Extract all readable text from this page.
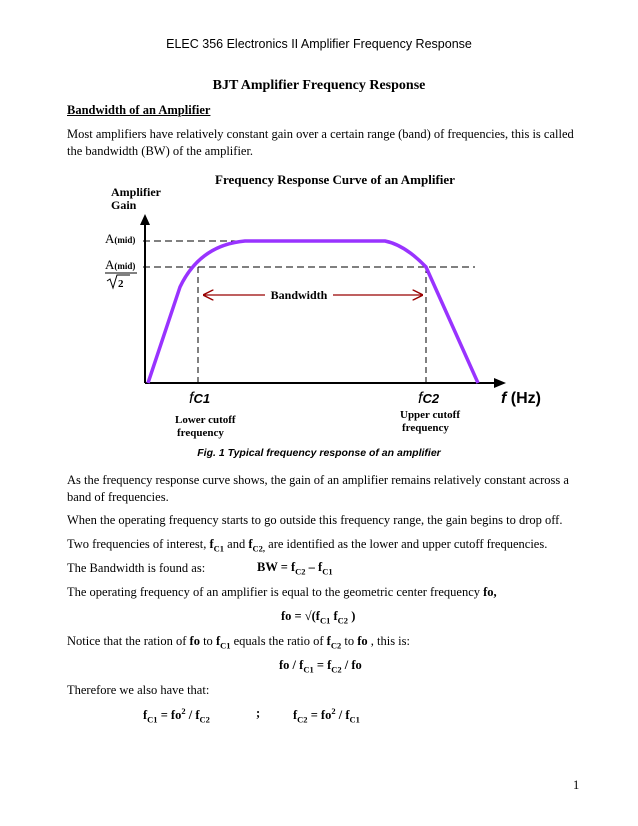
ELEC 356 Electronics II Amplifier Frequency Response
BJT Amplifier Frequency Response
Bandwidth of an Amplifier
Most amplifiers have relatively constant gain over a certain range (band) of frequencies, this is called the bandwidth (BW) of the amplifier.
Frequency Response Curve of an Amplifier
Amplifier
Gain
A(mid)
A(mid)
2
Bandwidth
fC1	fC2	f (Hz)
Lower cutoff
frequency
Upper cutoff
frequency
Fig. 1 Typical frequency response of an amplifier
As the frequency response curve shows, the gain of an amplifier remains relatively constant across a band of frequencies.
When the operating frequency starts to go outside this frequency range, the gain begins to drop off.
Two frequencies of interest, $f_{C1}$ and $f_{C2,}$ are identified as the lower and upper cutoff frequencies.
The Bandwidth is found as:	BW = $f_{C2} - f_{C1}$
The operating frequency of an amplifier is equal to the geometric center frequency fo,
fo = $√(f_{C1}$ $f_{C2}$ )
Notice that the ration of fo to $f_{C1}$ equals the ratio of $f_{C2}$ to fo , this is:
fo / $f_{C1} = f_{C2}$ / fo
Therefore we also have that:
$f_{C1} = fo^2 / f_{C2}$	;	$f_{C2} = fo^2 / f_{C1}$
1
